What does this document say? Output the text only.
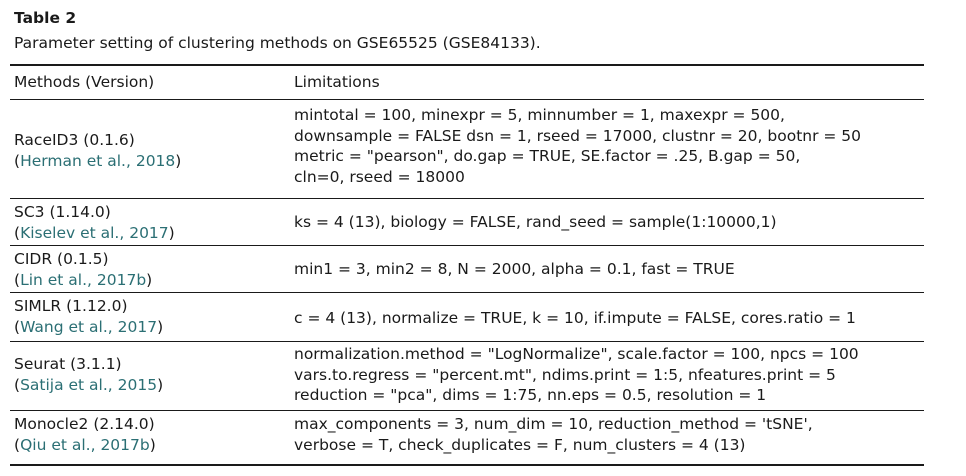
Table 2
Parameter setting of clustering methods on GSE65525 (GSE84133).
Methods (Version)	Limitations
RaceID3 (0.1.6)
(Herman et al., 2018)
mintotal = 100, minexpr = 5, minnumber = 1, maxexpr = 500,
downsample = FALSE dsn = 1, rseed = 17000, clustnr = 20, bootnr = 50
metric = "pearson", do.gap = TRUE, SE.factor = .25, B.gap = 50,
cln=0, rseed = 18000
SC3 (1.14.0)
(Kiselev et al., 2017)
ks = 4 (13), biology = FALSE, rand_seed = sample(1:10000,1)
CIDR (0.1.5)
(Lin et al., 2017b)
min1 = 3, min2 = 8, N = 2000, alpha = 0.1, fast = TRUE
SIMLR (1.12.0)
(Wang et al., 2017)	c = 4 (13), normalize = TRUE, k = 10, if.impute = FALSE, cores.ratio = 1
Seurat (3.1.1)
(Satija et al., 2015)
normalization.method = "LogNormalize", scale.factor = 100, npcs = 100
vars.to.regress = "percent.mt", ndims.print = 1:5, nfeatures.print = 5
reduction = "pca", dims = 1:75, nn.eps = 0.5, resolution = 1
Monocle2 (2.14.0)
(Qiu et al., 2017b)
max_components = 3, num_dim = 10, reduction_method = 'tSNE',
verbose = T, check_duplicates = F, num_clusters = 4 (13)
